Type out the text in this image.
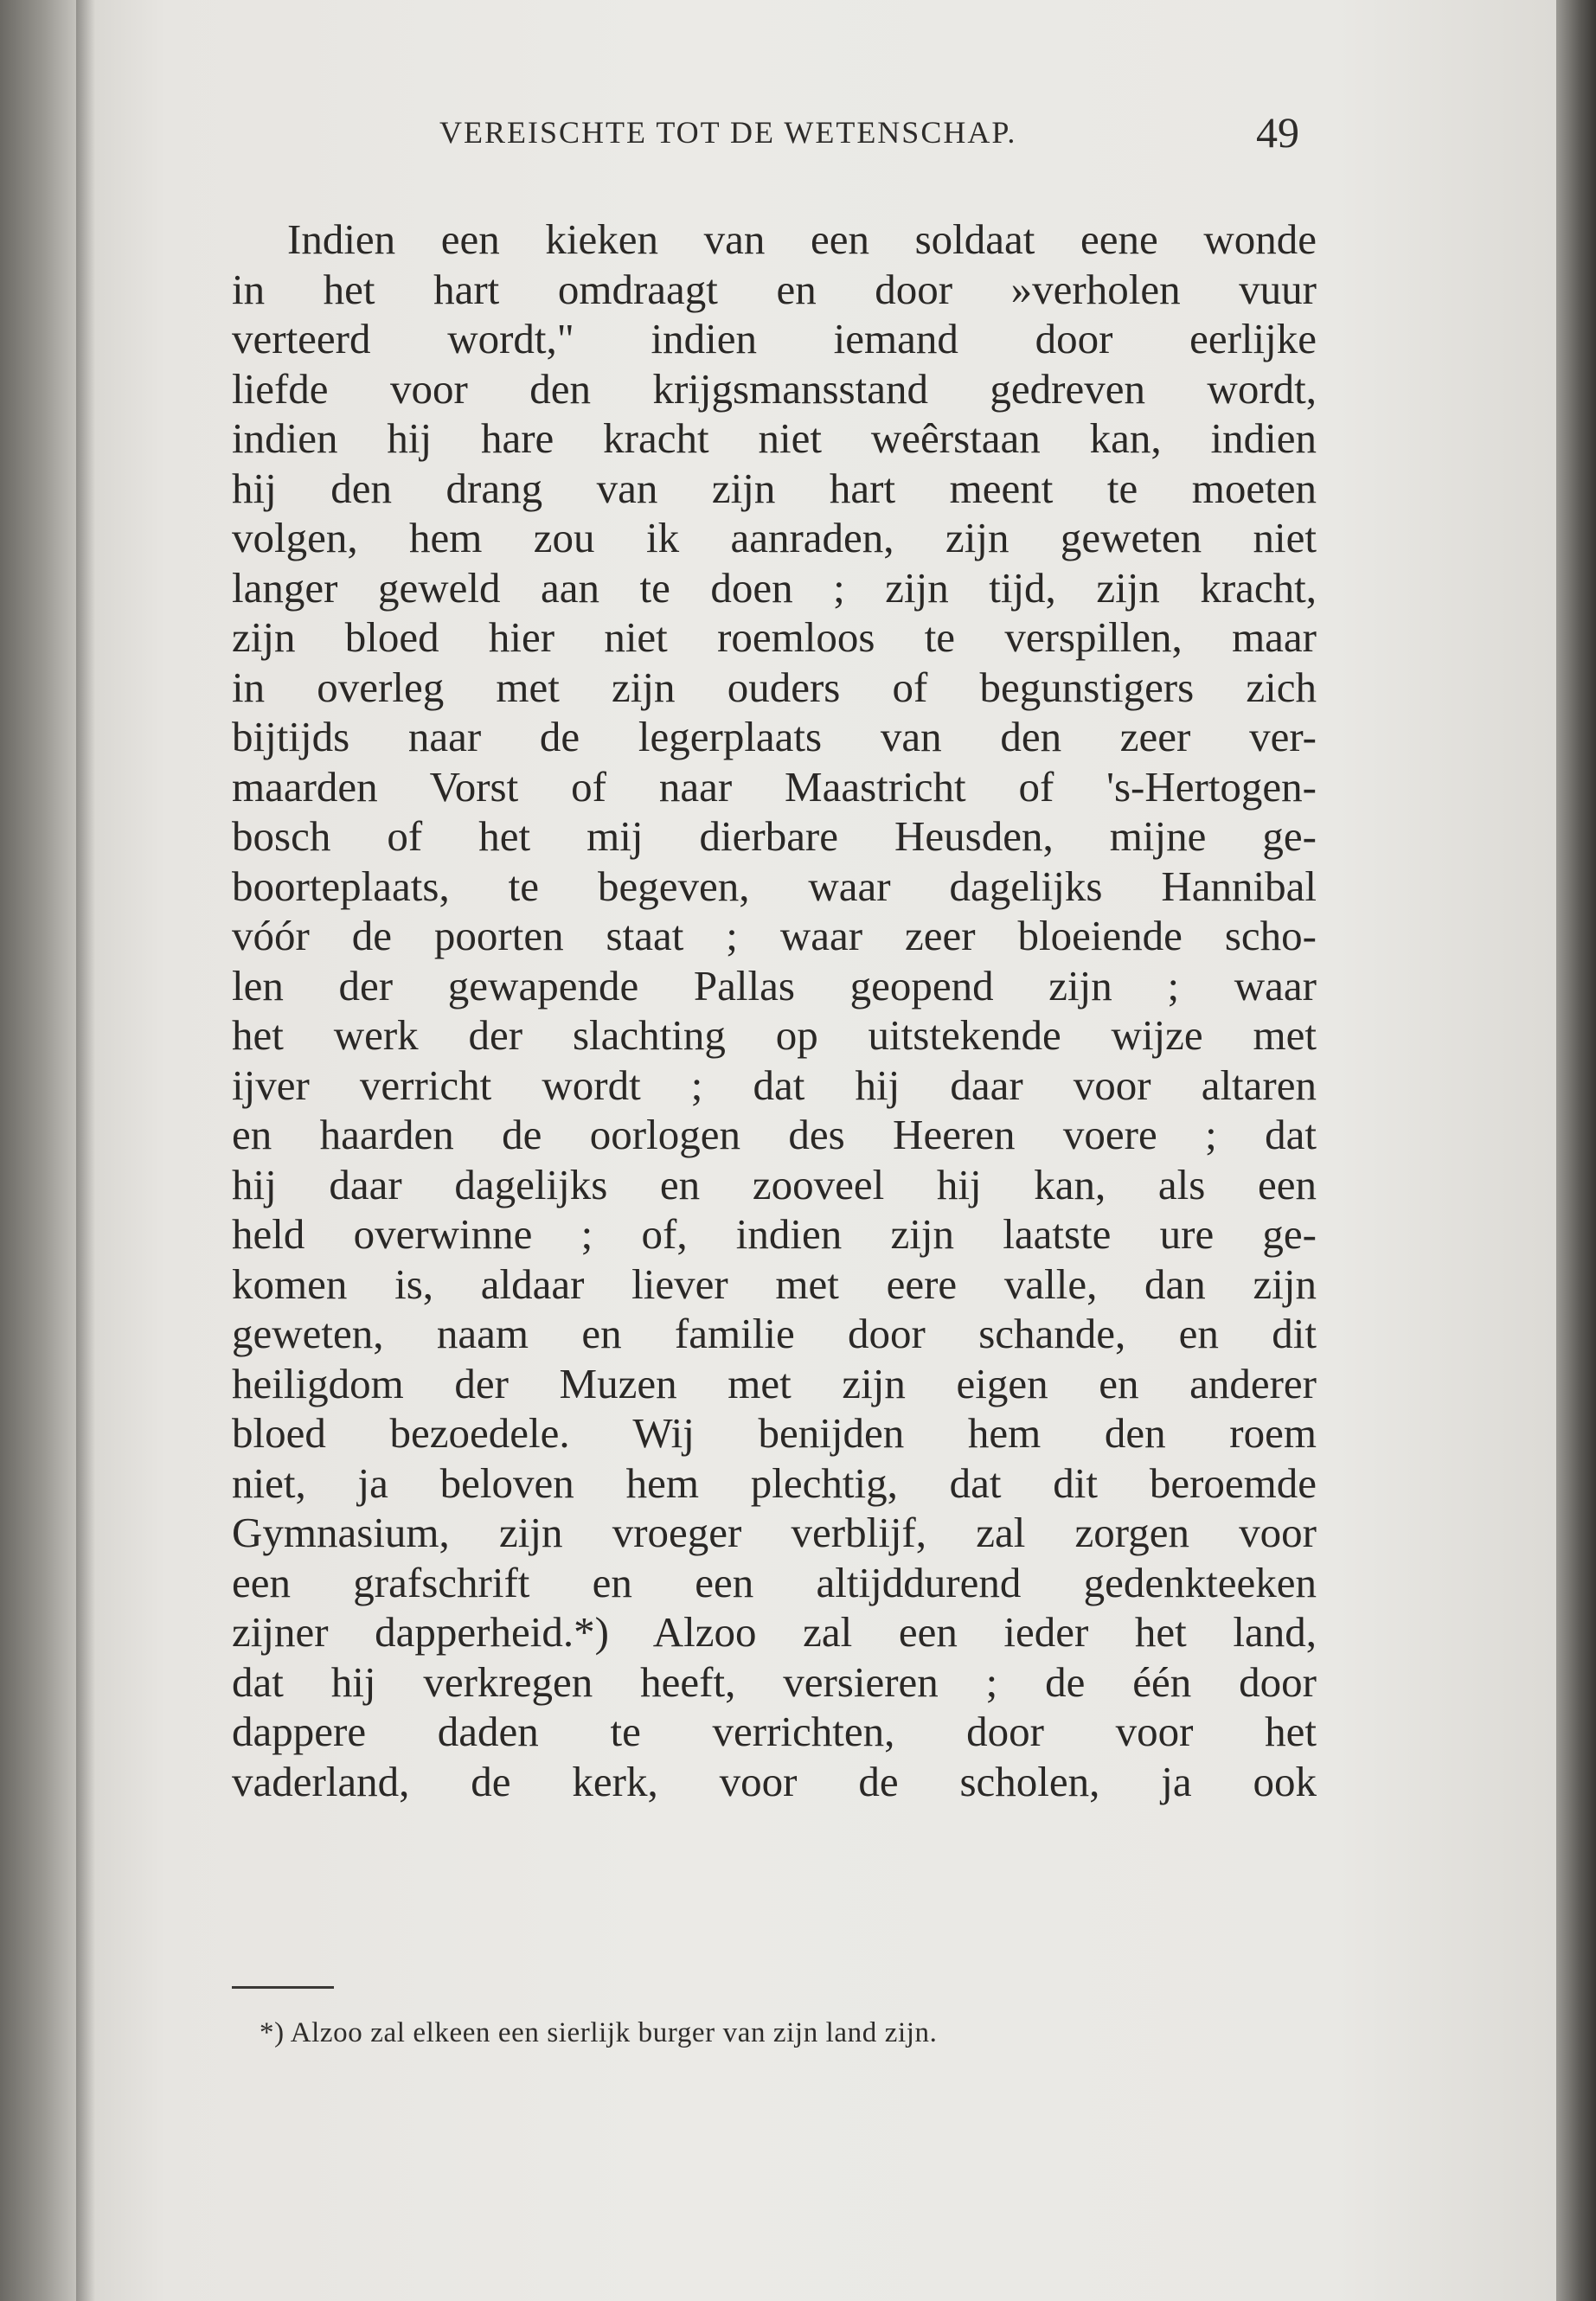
VEREISCHTE TOT DE WETENSCHAP.	49
Indien een kieken van een soldaat eene wonde
in het hart omdraagt en door »verholen vuur
verteerd wordt," indien iemand door eerlijke
liefde voor den krijgsmansstand gedreven wordt,
indien hij hare kracht niet weêrstaan kan, indien
hij den drang van zijn hart meent te moeten
volgen, hem zou ik aanraden, zijn geweten niet
langer geweld aan te doen ; zijn tijd, zijn kracht,
zijn bloed hier niet roemloos te verspillen, maar
in overleg met zijn ouders of begunstigers zich
bijtijds naar de legerplaats van den zeer ver-
maarden Vorst of naar Maastricht of 's-Hertogen-
bosch of het mij dierbare Heusden, mijne ge-
boorteplaats, te begeven, waar dagelijks Hannibal
vóór de poorten staat ; waar zeer bloeiende scho-
len der gewapende Pallas geopend zijn ; waar
het werk der slachting op uitstekende wijze met
ijver verricht wordt ; dat hij daar voor altaren
en haarden de oorlogen des Heeren voere ; dat
hij daar dagelijks en zooveel hij kan, als een
held overwinne ; of, indien zijn laatste ure ge-
komen is, aldaar liever met eere valle, dan zijn
geweten, naam en familie door schande, en dit
heiligdom der Muzen met zijn eigen en anderer
bloed bezoedele. Wij benijden hem den roem
niet, ja beloven hem plechtig, dat dit beroemde
Gymnasium, zijn vroeger verblijf, zal zorgen voor
een grafschrift en een altijddurend gedenkteeken
zijner dapperheid.*) Alzoo zal een ieder het land,
dat hij verkregen heeft, versieren ; de één door
dappere daden te verrichten, door voor het
vaderland, de kerk, voor de scholen, ja ook
*) Alzoo zal elkeen een sierlijk burger van zijn land zijn.
